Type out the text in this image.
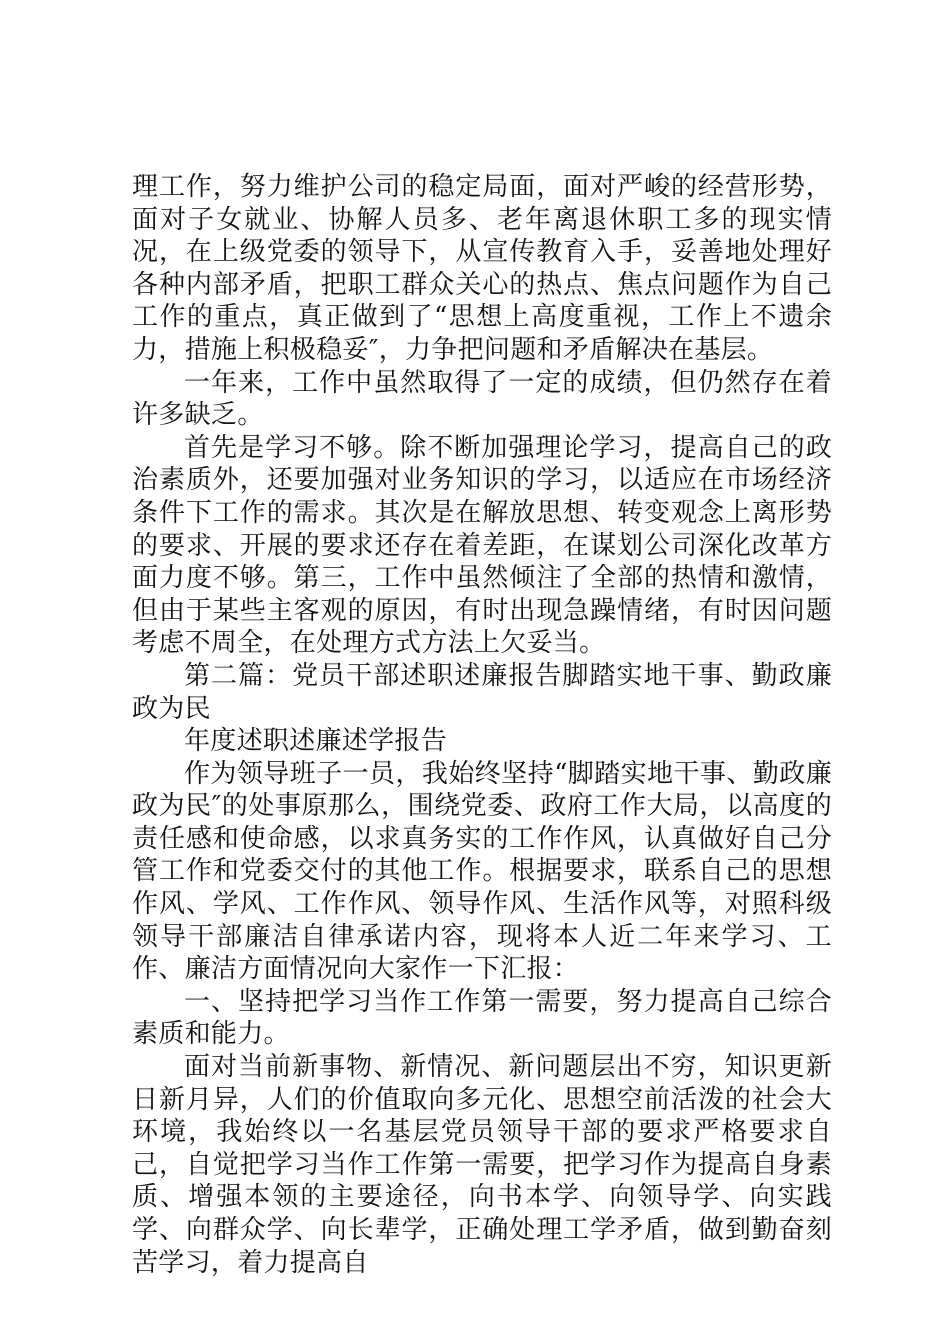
理工作，努力维护公司的稳定局面，面对严峻的经营形势，面对子女就业、协解人员多、老年离退休职工多的现实情况，在上级党委的领导下，从宣传教育入手，妥善地处理好各种内部矛盾，把职工群众关心的热点、焦点问题作为自己工作的重点，真正做到了“思想上高度重视，工作上不遗余力，措施上积极稳妥″，力争把问题和矛盾解决在基层。

一年来，工作中虽然取得了一定的成绩，但仍然存在着许多缺乏。

首先是学习不够。除不断加强理论学习，提高自己的政治素质外，还要加强对业务知识的学习，以适应在市场经济条件下工作的需求。其次是在解放思想、转变观念上离形势的要求、开展的要求还存在着差距，在谋划公司深化改革方面力度不够。第三，工作中虽然倾注了全部的热情和激情，但由于某些主客观的原因，有时出现急躁情绪，有时因问题考虑不周全，在处理方式方法上欠妥当。

第二篇：党员干部述职述廉报告脚踏实地干事、勤政廉政为民

年度述职述廉述学报告

作为领导班子一员，我始终坚持“脚踏实地干事、勤政廉政为民″的处事原那么，围绕党委、政府工作大局，以高度的责任感和使命感，以求真务实的工作作风，认真做好自己分管工作和党委交付的其他工作。根据要求，联系自己的思想作风、学风、工作作风、领导作风、生活作风等，对照科级领导干部廉洁自律承诺内容，现将本人近二年来学习、工作、廉洁方面情况向大家作一下汇报：

一、坚持把学习当作工作第一需要，努力提高自己综合素质和能力。

面对当前新事物、新情况、新问题层出不穷，知识更新日新月异，人们的价值取向多元化、思想空前活泼的社会大环境，我始终以一名基层党员领导干部的要求严格要求自己，自觉把学习当作工作第一需要，把学习作为提高自身素质、增强本领的主要途径，向书本学、向领导学、向实践学、向群众学、向长辈学，正确处理工学矛盾，做到勤奋刻苦学习，着力提高自
